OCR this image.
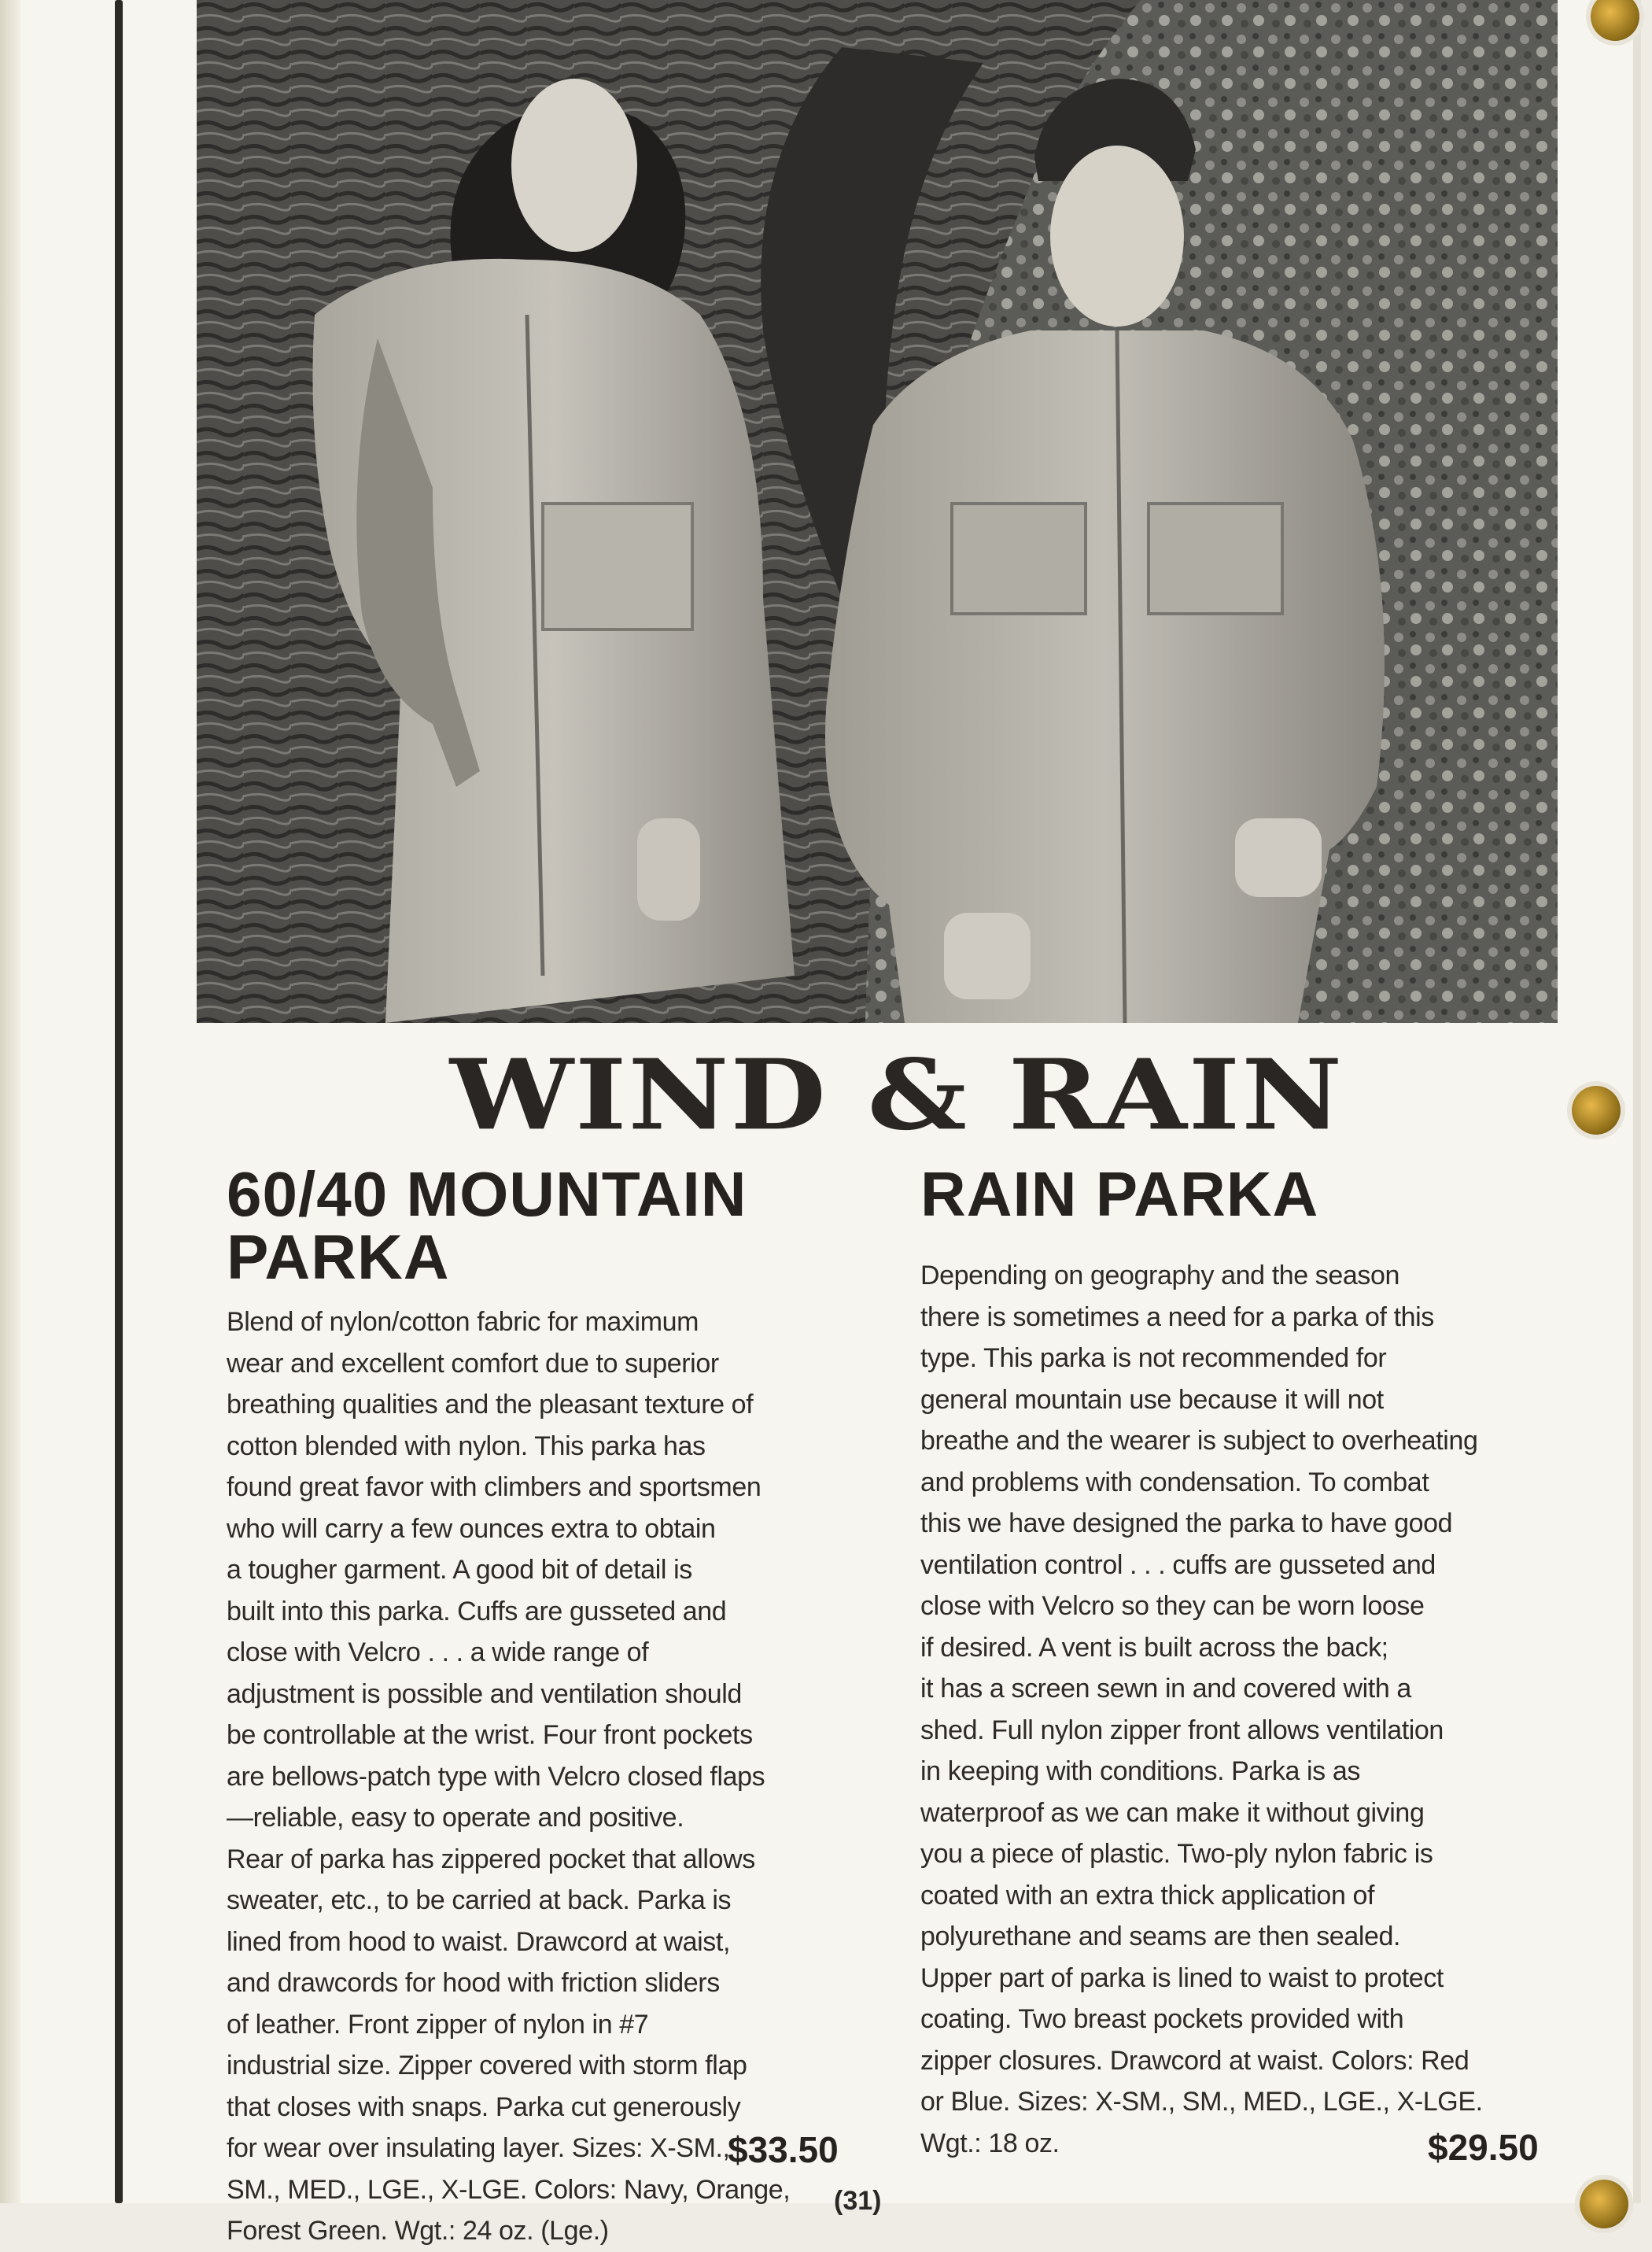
WIND & RAIN
60/40 MOUNTAIN
PARKA
Blend of nylon/cotton fabric for maximum
wear and excellent comfort due to superior
breathing qualities and the pleasant texture of
cotton blended with nylon. This parka has
found great favor with climbers and sportsmen
who will carry a few ounces extra to obtain
a tougher garment. A good bit of detail is
built into this parka. Cuffs are gusseted and
close with Velcro . . . a wide range of
adjustment is possible and ventilation should
be controllable at the wrist. Four front pockets
are bellows-patch type with Velcro closed flaps
—reliable, easy to operate and positive.
Rear of parka has zippered pocket that allows
sweater, etc., to be carried at back. Parka is
lined from hood to waist. Drawcord at waist,
and drawcords for hood with friction sliders
of leather. Front zipper of nylon in #7
industrial size. Zipper covered with storm flap
that closes with snaps. Parka cut generously
for wear over insulating layer. Sizes: X-SM.,
SM., MED., LGE., X-LGE. Colors: Navy, Orange,
Forest Green. Wgt.: 24 oz. (Lge.)
$33.50
RAIN PARKA
Depending on geography and the season
there is sometimes a need for a parka of this
type. This parka is not recommended for
general mountain use because it will not
breathe and the wearer is subject to overheating
and problems with condensation. To combat
this we have designed the parka to have good
ventilation control . . . cuffs are gusseted and
close with Velcro so they can be worn loose
if desired. A vent is built across the back;
it has a screen sewn in and covered with a
shed. Full nylon zipper front allows ventilation
in keeping with conditions. Parka is as
waterproof as we can make it without giving
you a piece of plastic. Two-ply nylon fabric is
coated with an extra thick application of
polyurethane and seams are then sealed.
Upper part of parka is lined to waist to protect
coating. Two breast pockets provided with
zipper closures. Drawcord at waist. Colors: Red
or Blue. Sizes: X-SM., SM., MED., LGE., X-LGE.
Wgt.: 18 oz.	$29.50
(31)
